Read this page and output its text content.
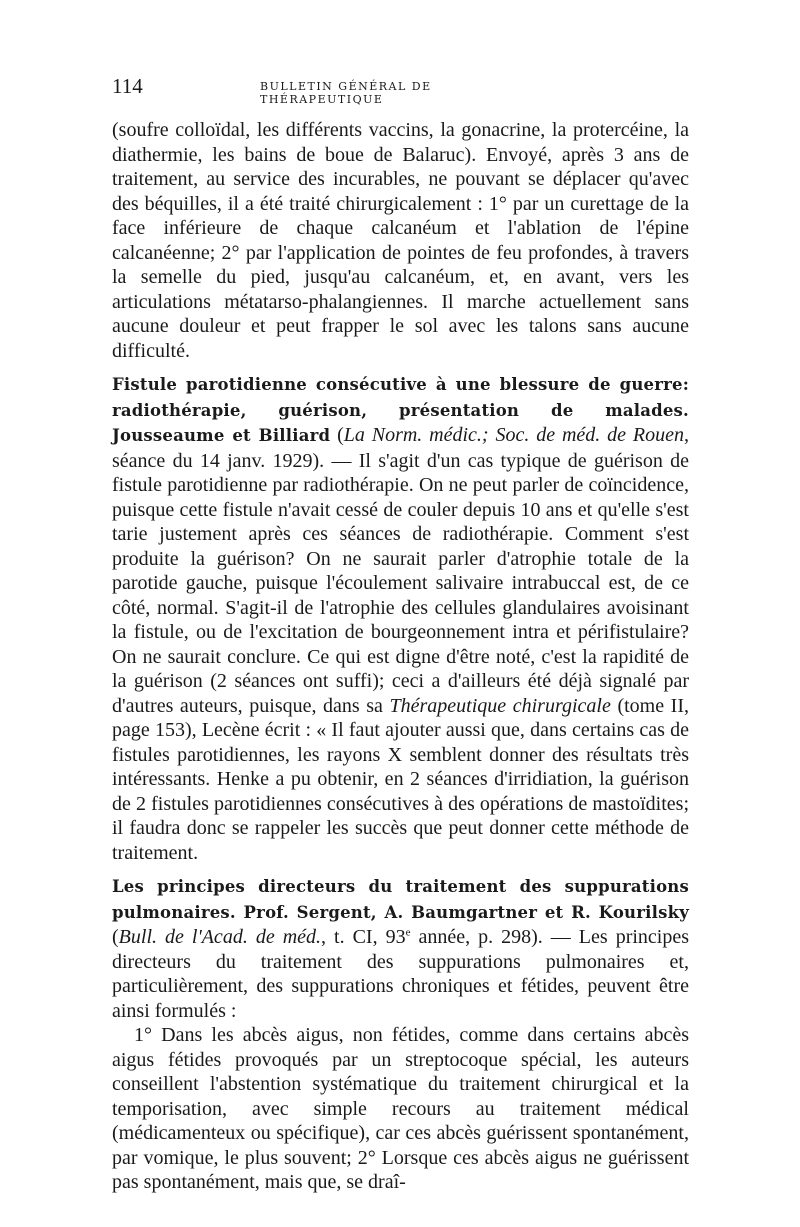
114	BULLETIN GÉNÉRAL DE THÉRAPEUTIQUE

(soufre colloïdal, les différents vaccins, la gonacrine, la protercéine, la diathermie, les bains de boue de Balaruc). Envoyé, après 3 ans de traitement, au service des incurables, ne pouvant se déplacer qu'avec des béquilles, il a été traité chirurgicalement : 1° par un curettage de la face inférieure de chaque calcanéum et l'ablation de l'épine calcanéenne; 2° par l'application de pointes de feu profondes, à travers la semelle du pied, jusqu'au calcanéum, et, en avant, vers les articulations métatarso-phalangiennes. Il marche actuellement sans aucune douleur et peut frapper le sol avec les talons sans aucune difficulté.

Fistule parotidienne consécutive à une blessure de guerre: radiothérapie, guérison, présentation de malades. Jousseaume et Billiard (La Norm. médic.; Soc. de méd. de Rouen, séance du 14 janv. 1929). — Il s'agit d'un cas typique de guérison de fistule parotidienne par radiothérapie. On ne peut parler de coïncidence, puisque cette fistule n'avait cessé de couler depuis 10 ans et qu'elle s'est tarie justement après ces séances de radiothérapie. Comment s'est produite la guérison? On ne saurait parler d'atrophie totale de la parotide gauche, puisque l'écoulement salivaire intrabuccal est, de ce côté, normal. S'agit-il de l'atrophie des cellules glandulaires avoisinant la fistule, ou de l'excitation de bourgeonnement intra et périfistulaire? On ne saurait conclure. Ce qui est digne d'être noté, c'est la rapidité de la guérison (2 séances ont suffi); ceci a d'ailleurs été déjà signalé par d'autres auteurs, puisque, dans sa Thérapeutique chirurgicale (tome II, page 153), Lecène écrit : « Il faut ajouter aussi que, dans certains cas de fistules parotidiennes, les rayons X semblent donner des résultats très intéressants. Henke a pu obtenir, en 2 séances d'irridiation, la guérison de 2 fistules parotidiennes consécutives à des opérations de mastoïdites; il faudra donc se rappeler les succès que peut donner cette méthode de traitement.

Les principes directeurs du traitement des suppurations pulmonaires. Prof. Sergent, A. Baumgartner et R. Kourilsky (Bull. de l'Acad. de méd., t. CI, 93e année, p. 298). — Les principes directeurs du traitement des suppurations pulmonaires et, particulièrement, des suppurations chroniques et fétides, peuvent être ainsi formulés :

1° Dans les abcès aigus, non fétides, comme dans certains abcès aigus fétides provoqués par un streptocoque spécial, les auteurs conseillent l'abstention systématique du traitement chirurgical et la temporisation, avec simple recours au traitement médical (médicamenteux ou spécifique), car ces abcès guérissent spontanément, par vomique, le plus souvent; 2° Lorsque ces abcès aigus ne guérissent pas spontanément, mais que, se draî-
